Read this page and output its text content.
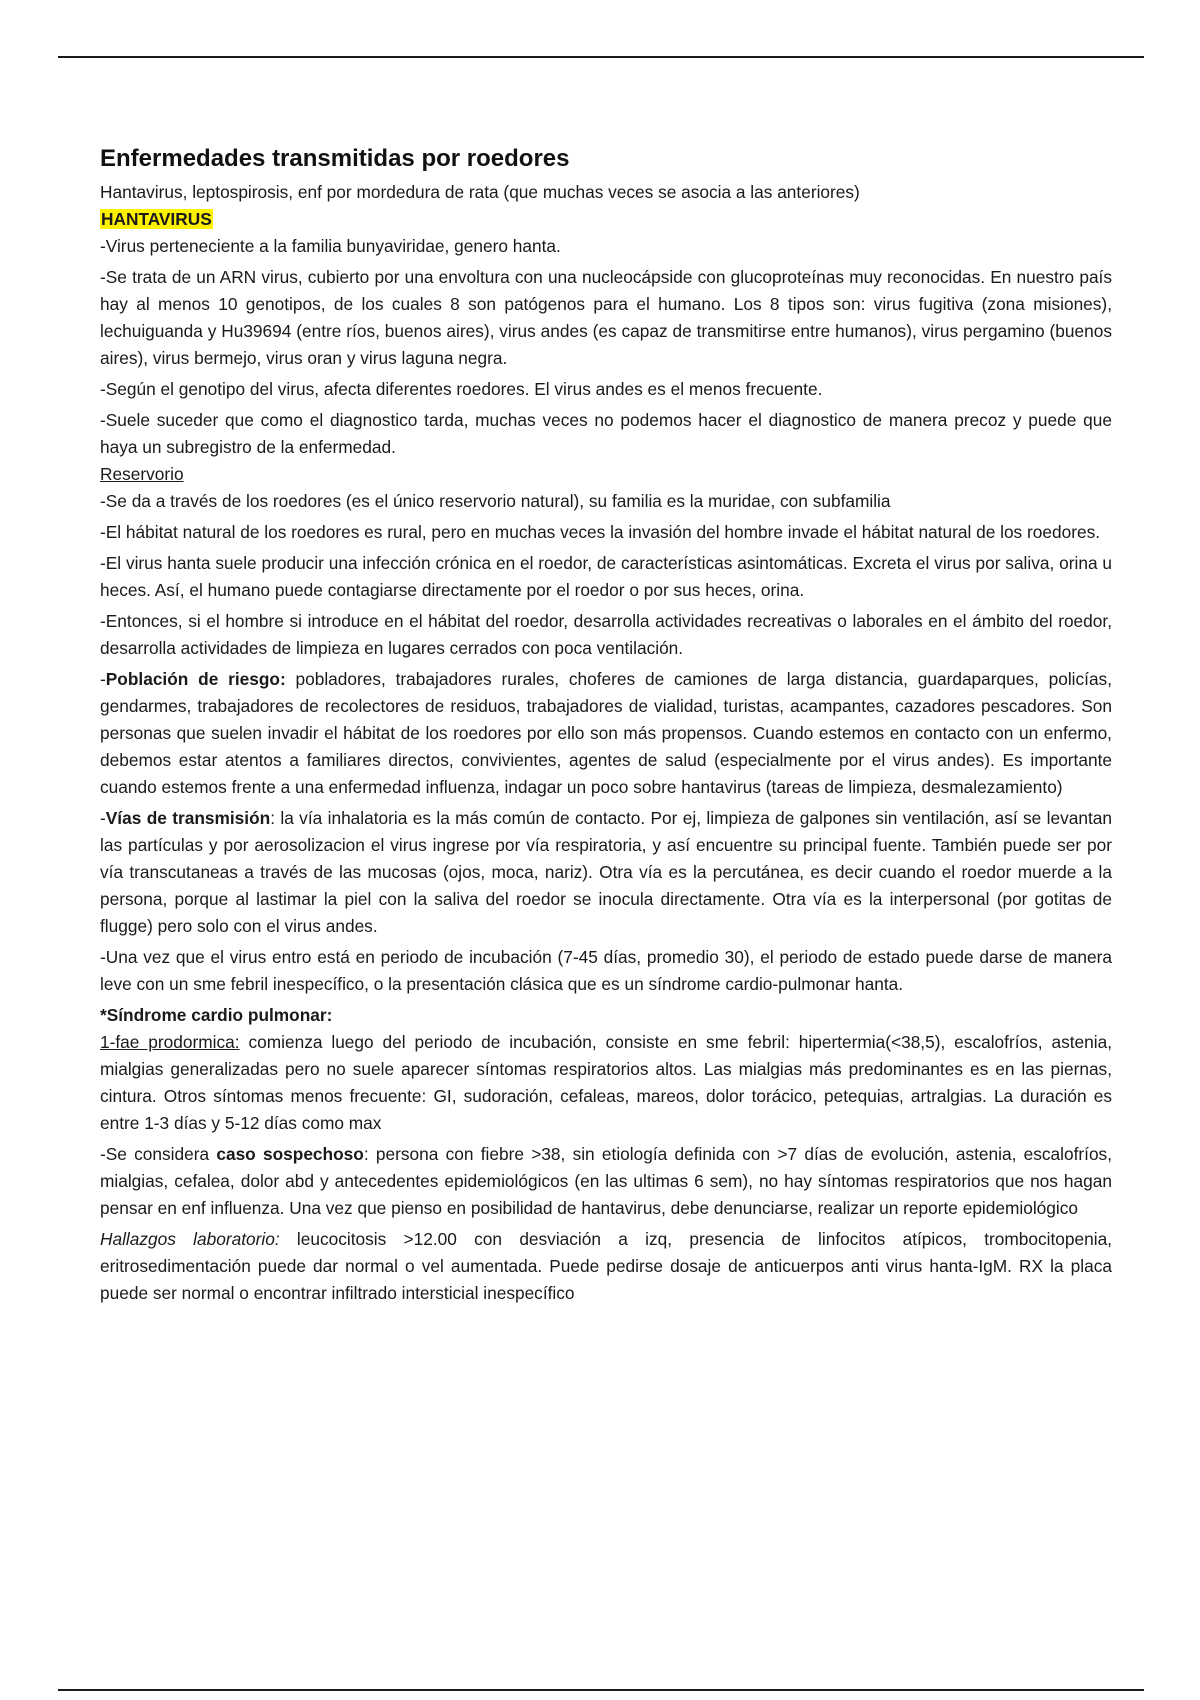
Enfermedades transmitidas por roedores

Hantavirus, leptospirosis, enf por mordedura de rata (que muchas veces se asocia a las anteriores)

HANTAVIRUS

-Virus perteneciente a la familia bunyaviridae, genero hanta.

-Se trata de un ARN virus, cubierto por una envoltura con una nucleocápside con glucoproteínas muy reconocidas. En nuestro país hay al menos 10 genotipos, de los cuales 8 son patógenos para el humano. Los 8 tipos son: virus fugitiva (zona misiones), lechuiguanda y Hu39694 (entre ríos, buenos aires), virus andes (es capaz de transmitirse entre humanos), virus pergamino (buenos aires), virus bermejo, virus oran y virus laguna negra.

-Según el genotipo del virus, afecta diferentes roedores. El virus andes es el menos frecuente.

-Suele suceder que como el diagnostico tarda, muchas veces no podemos hacer el diagnostico de manera precoz y puede que haya un subregistro de la enfermedad.

Reservorio

-Se da a través de los roedores (es el único reservorio natural), su familia es la muridae, con subfamilia

-El hábitat natural de los roedores es rural, pero en muchas veces la invasión del hombre invade el hábitat natural de los roedores.

-El virus hanta suele producir una infección crónica en el roedor, de características asintomáticas. Excreta el virus por saliva, orina u heces. Así, el humano puede contagiarse directamente por el roedor o por sus heces, orina.

-Entonces, si el hombre si introduce en el hábitat del roedor, desarrolla actividades recreativas o laborales en el ámbito del roedor, desarrolla actividades de limpieza en lugares cerrados con poca ventilación.

-Población de riesgo: pobladores, trabajadores rurales, choferes de camiones de larga distancia, guardaparques, policías, gendarmes, trabajadores de recolectores de residuos, trabajadores de vialidad, turistas, acampantes, cazadores pescadores. Son personas que suelen invadir el hábitat de los roedores por ello son más propensos. Cuando estemos en contacto con un enfermo, debemos estar atentos a familiares directos, convivientes, agentes de salud (especialmente por el virus andes). Es importante cuando estemos frente a una enfermedad influenza, indagar un poco sobre hantavirus (tareas de limpieza, desmalezamiento)

-Vías de transmisión: la vía inhalatoria es la más común de contacto. Por ej, limpieza de galpones sin ventilación, así se levantan las partículas y por aerosolizacion el virus ingrese por vía respiratoria, y así encuentre su principal fuente. También puede ser por vía transcutaneas a través de las mucosas (ojos, moca, nariz). Otra vía es la percutánea, es decir cuando el roedor muerde a la persona, porque al lastimar la piel con la saliva del roedor se inocula directamente. Otra vía es la interpersonal (por gotitas de flugge) pero solo con el virus andes.

-Una vez que el virus entro está en periodo de incubación (7-45 días, promedio 30), el periodo de estado puede darse de manera leve con un sme febril inespecífico, o la presentación clásica que es un síndrome cardio-pulmonar hanta.

*Síndrome cardio pulmonar:

1-fae prodormica: comienza luego del periodo de incubación, consiste en sme febril: hipertermia(<38,5), escalofríos, astenia, mialgias generalizadas pero no suele aparecer síntomas respiratorios altos. Las mialgias más predominantes es en las piernas, cintura. Otros síntomas menos frecuente: GI, sudoración, cefaleas, mareos, dolor torácico, petequias, artralgias. La duración es entre 1-3 días y 5-12 días como max

-Se considera caso sospechoso: persona con fiebre >38, sin etiología definida con >7 días de evolución, astenia, escalofríos, mialgias, cefalea, dolor abd y antecedentes epidemiológicos (en las ultimas 6 sem), no hay síntomas respiratorios que nos hagan pensar en enf influenza. Una vez que pienso en posibilidad de hantavirus, debe denunciarse, realizar un reporte epidemiológico

Hallazgos laboratorio: leucocitosis >12.00 con desviación a izq, presencia de linfocitos atípicos, trombocitopenia, eritrosedimentación puede dar normal o vel aumentada. Puede pedirse dosaje de anticuerpos anti virus hanta-IgM. RX la placa puede ser normal o encontrar infiltrado intersticial inespecífico
